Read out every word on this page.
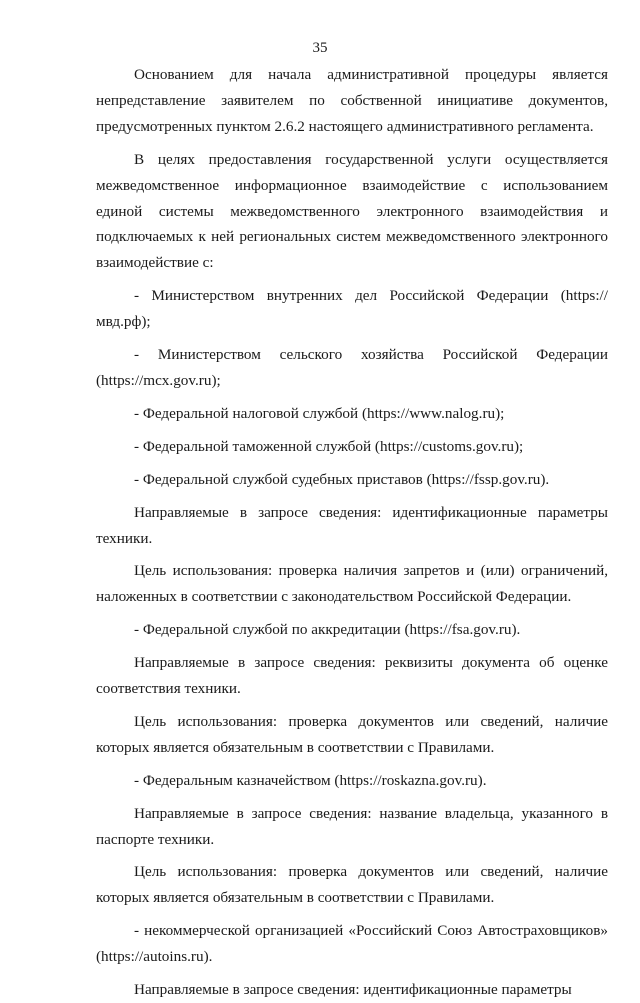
35

Основанием для начала административной процедуры является непредставление заявителем по собственной инициативе документов, предусмотренных пунктом 2.6.2 настоящего административного регламента.

В целях предоставления государственной услуги осуществляется межведомственное информационное взаимодействие с использованием единой системы межведомственного электронного взаимодействия и подключаемых к ней региональных систем межведомственного электронного взаимодействие с:

- Министерством внутренних дел Российской Федерации (https://мвд.рф);

- Министерством сельского хозяйства Российской Федерации (https://mcx.gov.ru);

- Федеральной налоговой службой (https://www.nalog.ru);

- Федеральной таможенной службой (https://customs.gov.ru);

- Федеральной службой судебных приставов (https://fssp.gov.ru).

Направляемые в запросе сведения: идентификационные параметры техники.

Цель использования: проверка наличия запретов и (или) ограничений, наложенных в соответствии с законодательством Российской Федерации.

- Федеральной службой по аккредитации (https://fsa.gov.ru).

Направляемые в запросе сведения: реквизиты документа об оценке соответствия техники.

Цель использования: проверка документов или сведений, наличие которых является обязательным в соответствии с Правилами.

- Федеральным казначейством (https://roskazna.gov.ru).

Направляемые в запросе сведения: название владельца, указанного в паспорте техники.

Цель использования: проверка документов или сведений, наличие которых является обязательным в соответствии с Правилами.

- некоммерческой организацией «Российский Союз Автостраховщиков» (https://autoins.ru).

Направляемые в запросе сведения: идентификационные параметры
